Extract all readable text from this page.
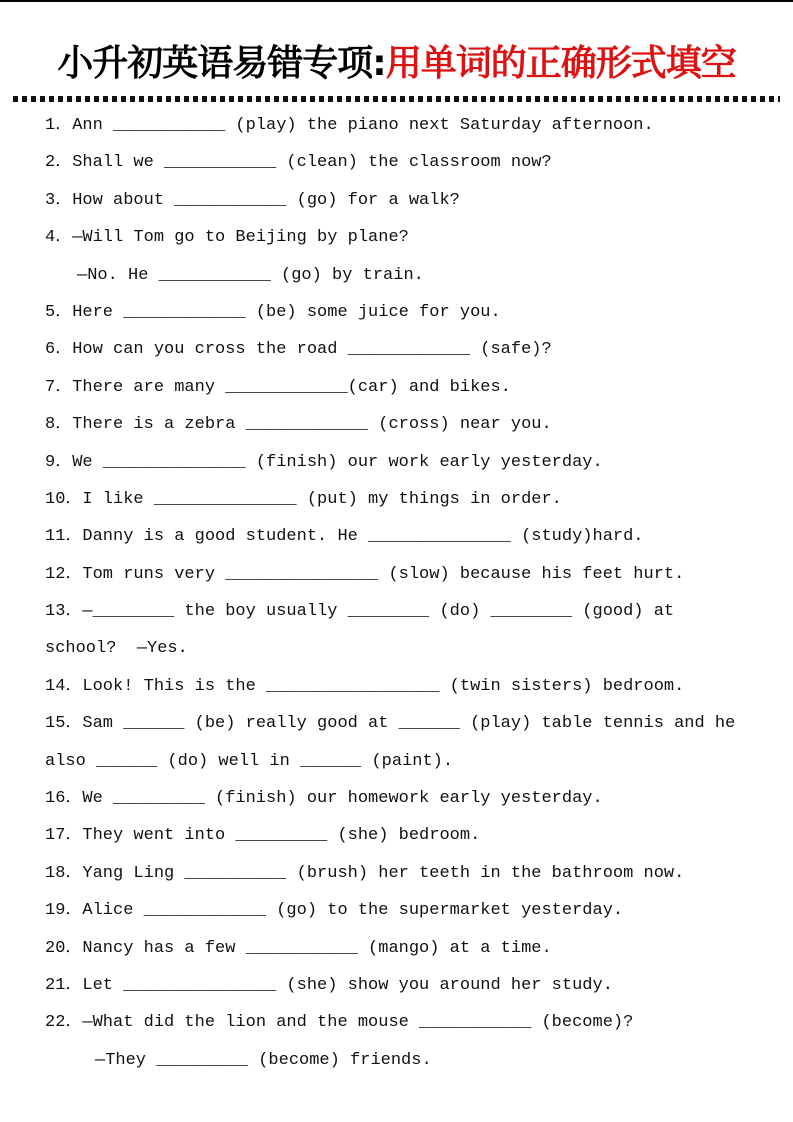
小升初英语易错专项:用单词的正确形式填空
1．Ann ___________ (play) the piano next Saturday afternoon.
2．Shall we ___________ (clean) the classroom now?
3．How about ___________ (go) for a walk?
4．—Will Tom go to Beijing by plane?
—No. He ___________ (go) by train.
5．Here ____________ (be) some juice for you.
6．How can you cross the road ____________ (safe)?
7．There are many ____________(car) and bikes.
8．There is a zebra ____________ (cross) near you.
9．We ______________ (finish) our work early yesterday.
10．I like ______________ (put) my things in order.
11．Danny is a good student. He ______________ (study)hard.
12．Tom runs very _______________ (slow) because his feet hurt.
13．—________ the boy usually ________ (do) ________ (good) at
school?  —Yes.
14．Look! This is the _________________ (twin sisters) bedroom.
15．Sam ______ (be) really good at ______ (play) table tennis and he
also ______ (do) well in ______ (paint).
16．We _________ (finish) our homework early yesterday.
17．They went into _________ (she) bedroom.
18．Yang Ling __________ (brush) her teeth in the bathroom now.
19．Alice ____________ (go) to the supermarket yesterday.
20．Nancy has a few ___________ (mango) at a time.
21．Let _______________ (she) show you around her study.
22．—What did the lion and the mouse ___________ (become)?
—They _________ (become) friends.
